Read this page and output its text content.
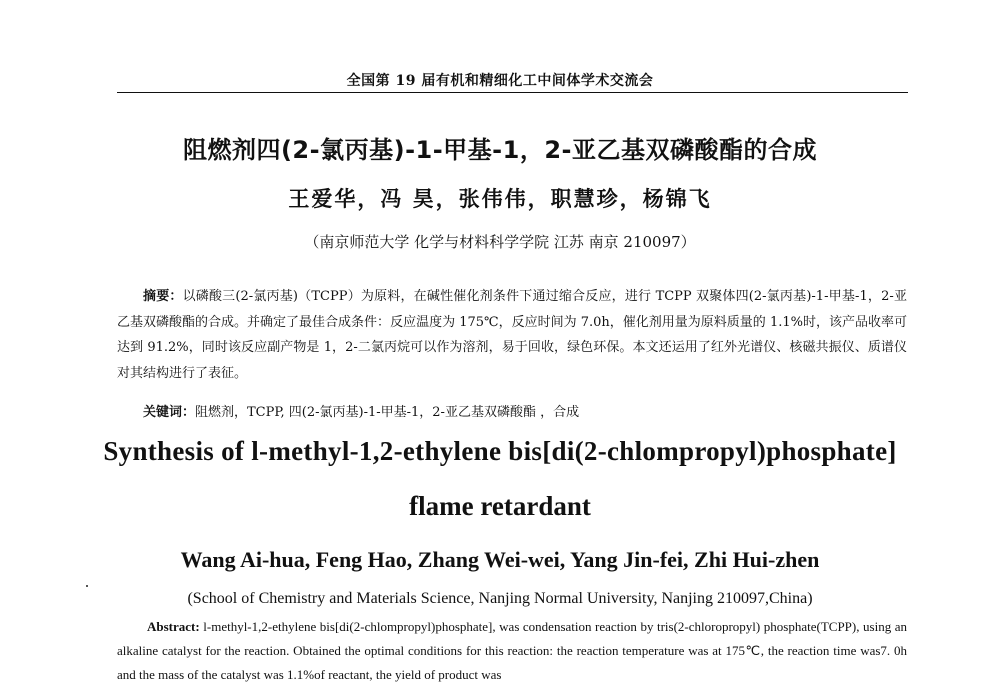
全国第 19 届有机和精细化工中间体学术交流会
阻燃剂四(2-氯丙基)-1-甲基-1，2-亚乙基双磷酸酯的合成
王爱华，冯 昊，张伟伟，职慧珍，杨锦飞
（南京师范大学 化学与材料科学学院 江苏 南京 210097）
摘要：以磷酸三(2-氯丙基)（TCPP）为原料，在碱性催化剂条件下通过缩合反应，进行 TCPP 双聚体四(2-氯丙基)-1-甲基-1，2-亚乙基双磷酸酯的合成。并确定了最佳合成条件：反应温度为 175℃，反应时间为 7.0h，催化剂用量为原料质量的 1.1%时，该产品收率可达到 91.2%，同时该反应副产物是 1，2-二氯丙烷可以作为溶剂，易于回收，绿色环保。本文还运用了红外光谱仪、核磁共振仪、质谱仪对其结构进行了表征。
关键词：阻燃剂，TCPP, 四(2-氯丙基)-1-甲基-1，2-亚乙基双磷酸酯 ，合成
Synthesis of l-methyl-1,2-ethylene bis[di(2-chlompropyl)phosphate]
flame retardant
Wang Ai-hua, Feng Hao, Zhang Wei-wei, Yang Jin-fei, Zhi Hui-zhen
(School of Chemistry and Materials Science, Nanjing Normal University, Nanjing 210097,China)
Abstract: l-methyl-1,2-ethylene bis[di(2-chlompropyl)phosphate], was condensation reaction by tris(2-chloropropyl) phosphate(TCPP), using an alkaline catalyst for the reaction. Obtained the optimal conditions for this reaction: the reaction temperature was at 175℃, the reaction time was7. 0h and the mass of the catalyst was 1.1%of reactant, the yield of product was
